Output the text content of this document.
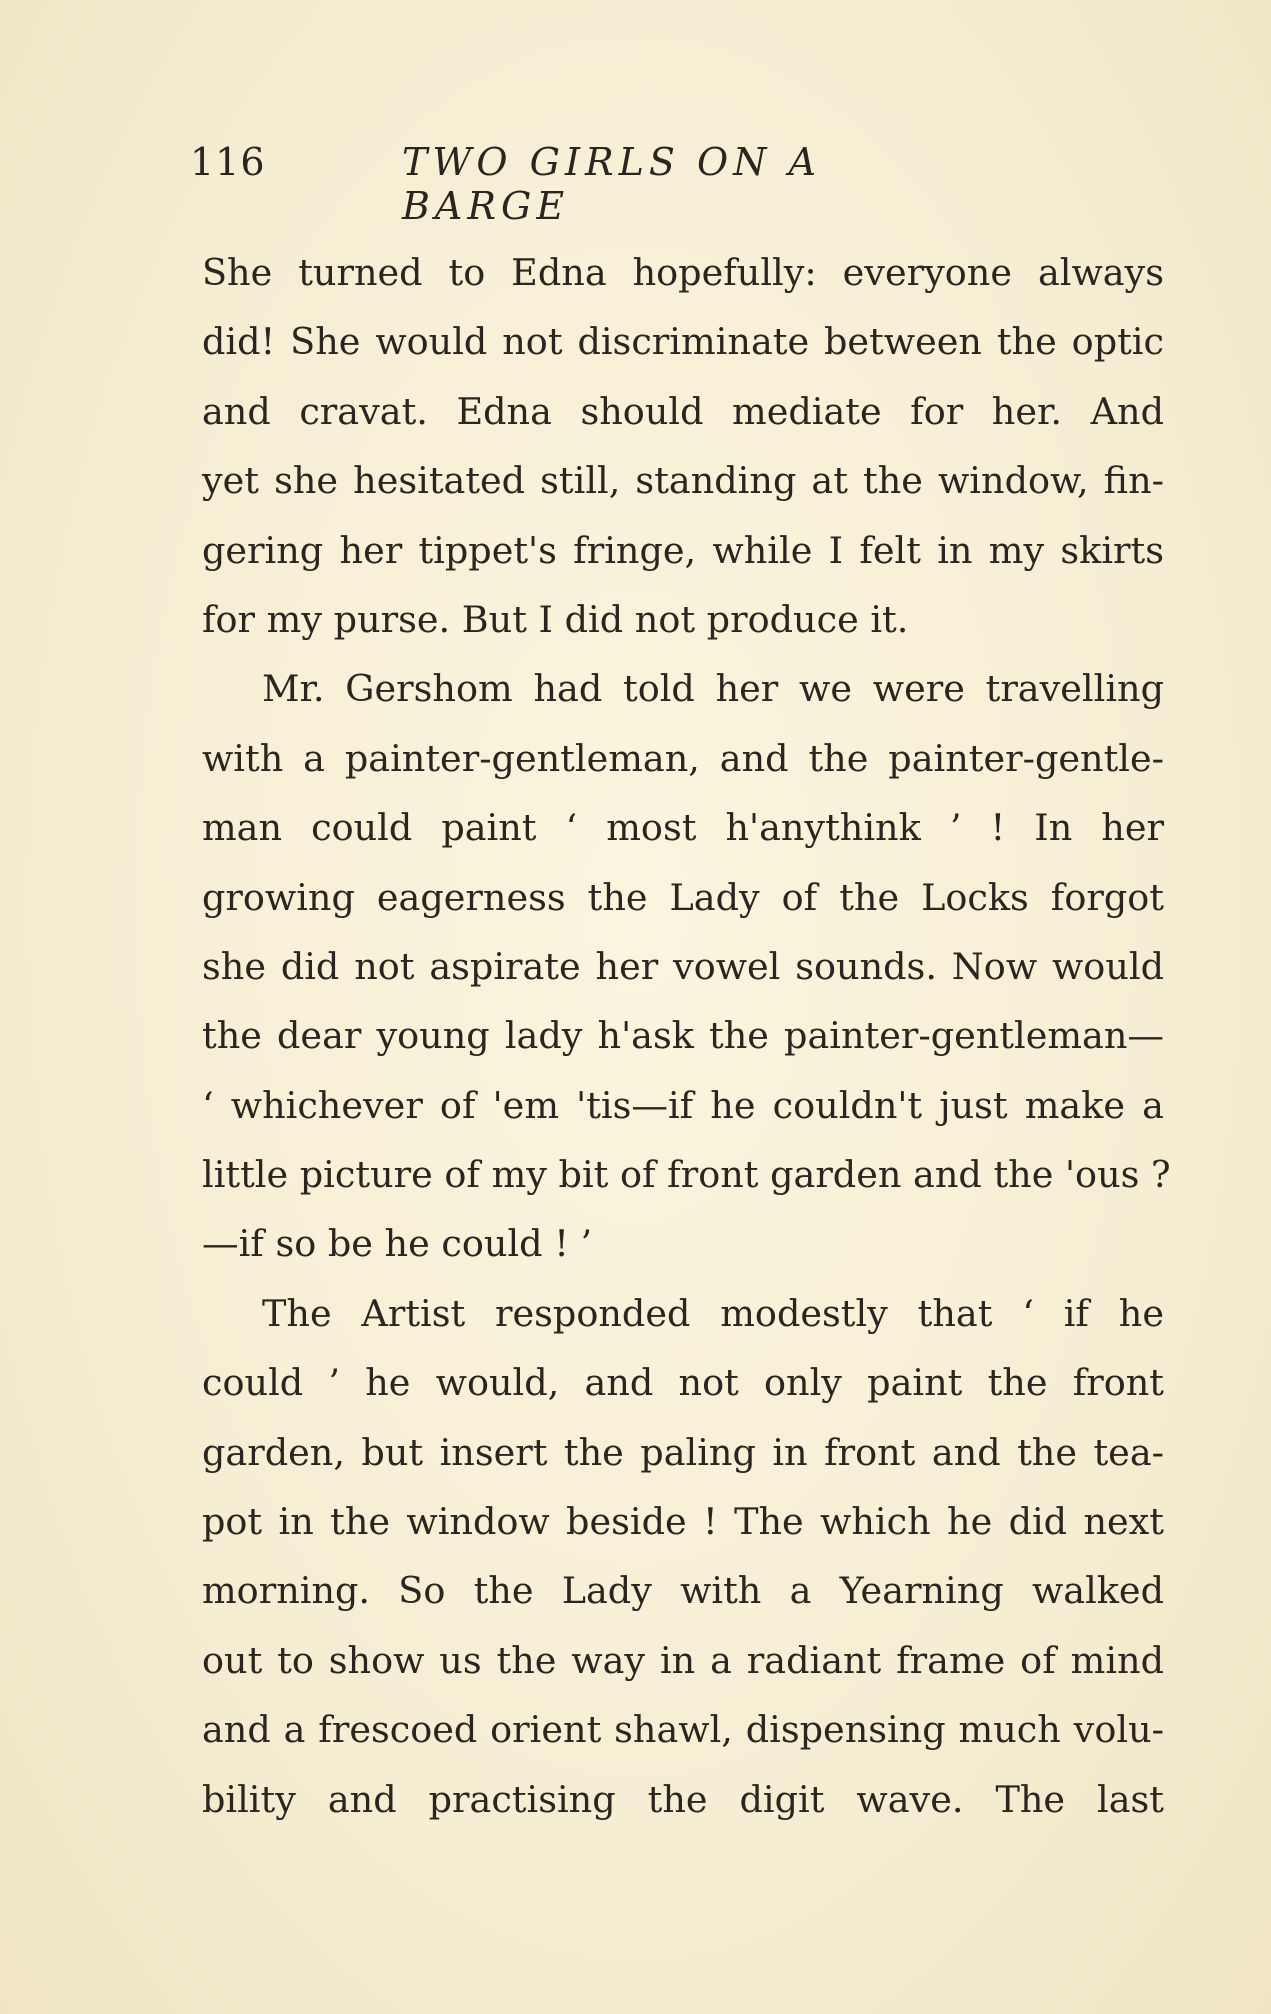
116	TWO GIRLS ON A BARGE
She turned to Edna hopefully: everyone always
did! She would not discriminate between the optic
and cravat. Edna should mediate for her. And
yet she hesitated still, standing at the window, fin-
gering her tippet's fringe, while I felt in my skirts
for my purse. But I did not produce it.
Mr. Gershom had told her we were travelling
with a painter-gentleman, and the painter-gentle-
man could paint ‘ most h'anythink ’ ! In her
growing eagerness the Lady of the Locks forgot
she did not aspirate her vowel sounds. Now would
the dear young lady h'ask the painter-gentleman—
‘ whichever of 'em 'tis—if he couldn't just make a
little picture of my bit of front garden and the 'ous ?
—if so be he could ! ’
The Artist responded modestly that ‘ if he
could ’ he would, and not only paint the front
garden, but insert the paling in front and the tea-
pot in the window beside ! The which he did next
morning. So the Lady with a Yearning walked
out to show us the way in a radiant frame of mind
and a frescoed orient shawl, dispensing much volu-
bility and practising the digit wave. The last
